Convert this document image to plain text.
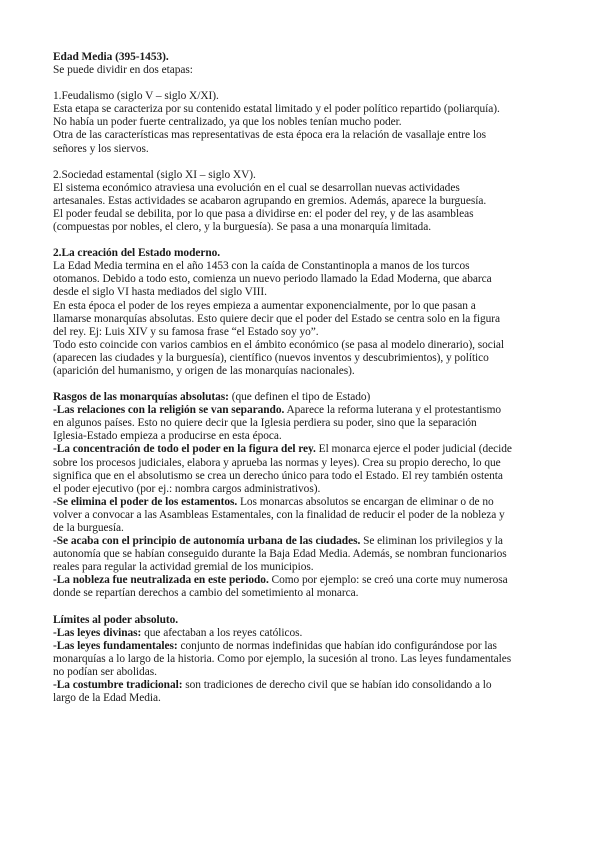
Edad Media (395-1453).

Se puede dividir en dos etapas:

1.Feudalismo (siglo V – siglo X/XI).

Esta etapa se caracteriza por su contenido estatal limitado y el poder político repartido (poliarquía).

No había un poder fuerte centralizado, ya que los nobles tenían mucho poder.

Otra de las características mas representativas de esta época era la relación de vasallaje entre los

señores y los siervos.

2.Sociedad estamental (siglo XI – siglo XV).

El sistema económico atraviesa una evolución en el cual se desarrollan nuevas actividades

artesanales. Estas actividades se acabaron agrupando en gremios. Además, aparece la burguesía.

El poder feudal se debilita, por lo que pasa a dividirse en: el poder del rey, y de las asambleas

(compuestas por nobles, el clero, y la burguesía). Se pasa a una monarquía limitada.

2.La creación del Estado moderno.

La Edad Media termina en el año 1453 con la caída de Constantinopla a manos de los turcos

otomanos. Debido a todo esto, comienza un nuevo periodo llamado la Edad Moderna, que abarca

desde el siglo VI hasta mediados del siglo VIII.

En esta época el poder de los reyes empieza a aumentar exponencialmente, por lo que pasan a

llamarse monarquías absolutas. Esto quiere decir que el poder del Estado se centra solo en la figura

del rey. Ej: Luis XIV y su famosa frase “el Estado soy yo”.

Todo esto coincide con varios cambios en el ámbito económico (se pasa al modelo dinerario), social

(aparecen las ciudades y la burguesía), científico (nuevos inventos y descubrimientos), y político

(aparición del humanismo, y origen de las monarquías nacionales).

Rasgos de las monarquías absolutas: (que definen el tipo de Estado)

-Las relaciones con la religión se van separando. Aparece la reforma luterana y el protestantismo

en algunos países. Esto no quiere decir que la Iglesia perdiera su poder, sino que la separación

Iglesia-Estado empieza a producirse en esta época.

-La concentración de todo el poder en la figura del rey. El monarca ejerce el poder judicial (decide

sobre los procesos judiciales, elabora y aprueba las normas y leyes). Crea su propio derecho, lo que

significa que en el absolutismo se crea un derecho único para todo el Estado. El rey también ostenta

el poder ejecutivo (por ej.: nombra cargos administrativos).

-Se elimina el poder de los estamentos. Los monarcas absolutos se encargan de eliminar o de no

volver a convocar a las Asambleas Estamentales, con la finalidad de reducir el poder de la nobleza y

de la burguesía.

-Se acaba con el principio de autonomía urbana de las ciudades. Se eliminan los privilegios y la

autonomía que se habían conseguido durante la Baja Edad Media. Además, se nombran funcionarios

reales para regular la actividad gremial de los municipios.

-La nobleza fue neutralizada en este periodo. Como por ejemplo: se creó una corte muy numerosa

donde se repartían derechos a cambio del sometimiento al monarca.

Límites al poder absoluto.

-Las leyes divinas: que afectaban a los reyes católicos.

-Las leyes fundamentales: conjunto de normas indefinidas que habían ido configurándose por las

monarquías a lo largo de la historia. Como por ejemplo, la sucesión al trono. Las leyes fundamentales

no podían ser abolidas.

-La costumbre tradicional: son tradiciones de derecho civil que se habían ido consolidando a lo

largo de la Edad Media.
